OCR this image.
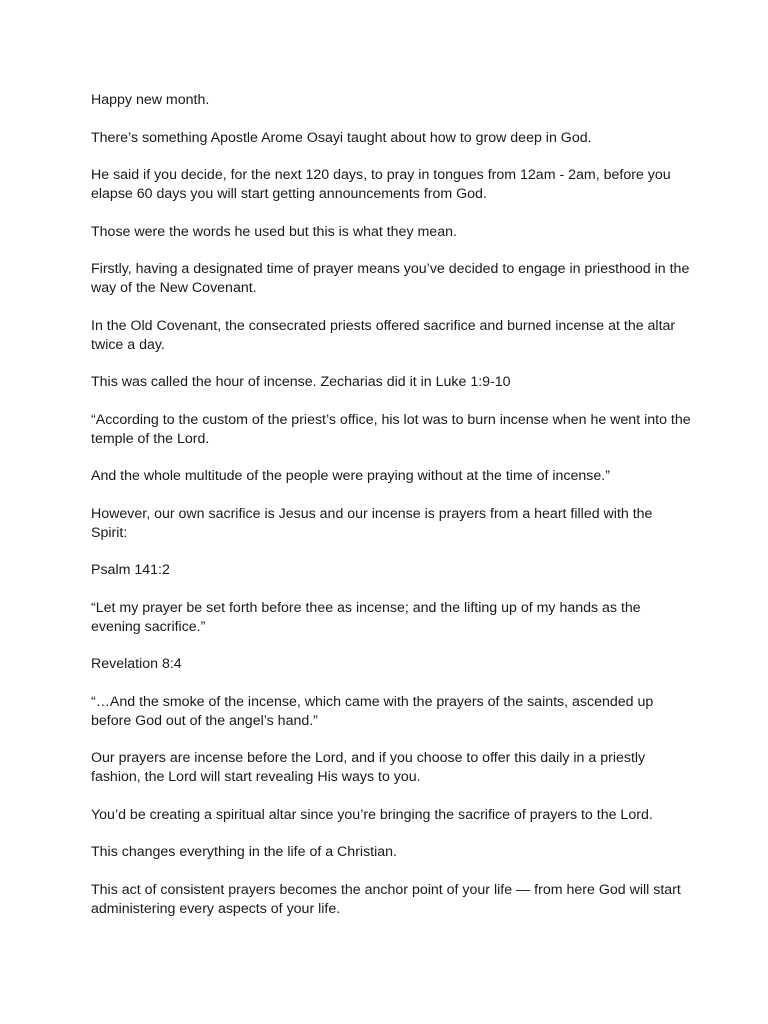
Happy new month.

There’s something Apostle Arome Osayi taught about how to grow deep in God.

He said if you decide, for the next 120 days, to pray in tongues from 12am - 2am, before you elapse 60 days you will start getting announcements from God.

Those were the words he used but this is what they mean.

Firstly, having a designated time of prayer means you’ve decided to engage in priesthood in the way of the New Covenant.

In the Old Covenant, the consecrated priests offered sacrifice and burned incense at the altar twice a day.

This was called the hour of incense. Zecharias did it in Luke 1:9-10

“According to the custom of the priest’s office, his lot was to burn incense when he went into the temple of the Lord.

And the whole multitude of the people were praying without at the time of incense.”

However, our own sacrifice is Jesus and our incense is prayers from a heart filled with the Spirit:

Psalm 141:2

“Let my prayer be set forth before thee as incense; and the lifting up of my hands as the evening sacrifice.”

Revelation 8:4

“…And the smoke of the incense, which came with the prayers of the saints, ascended up before God out of the angel’s hand.”

Our prayers are incense before the Lord, and if you choose to offer this daily in a priestly fashion, the Lord will start revealing His ways to you.

You’d be creating a spiritual altar since you’re bringing the sacrifice of prayers to the Lord.

This changes everything in the life of a Christian.

This act of consistent prayers becomes the anchor point of your life — from here God will start administering every aspects of your life.
